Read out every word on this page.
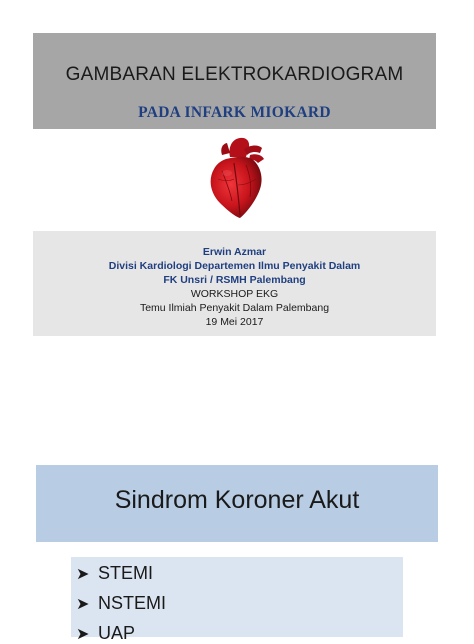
GAMBARAN ELEKTROKARDIOGRAM
PADA INFARK MIOKARD
Erwin Azmar
Divisi Kardiologi Departemen Ilmu Penyakit Dalam
FK Unsri / RSMH Palembang
WORKSHOP EKG
Temu Ilmiah Penyakit Dalam Palembang
19 Mei 2017
Sindrom Koroner Akut
➤ STEMI
➤ NSTEMI
➤ UAP
